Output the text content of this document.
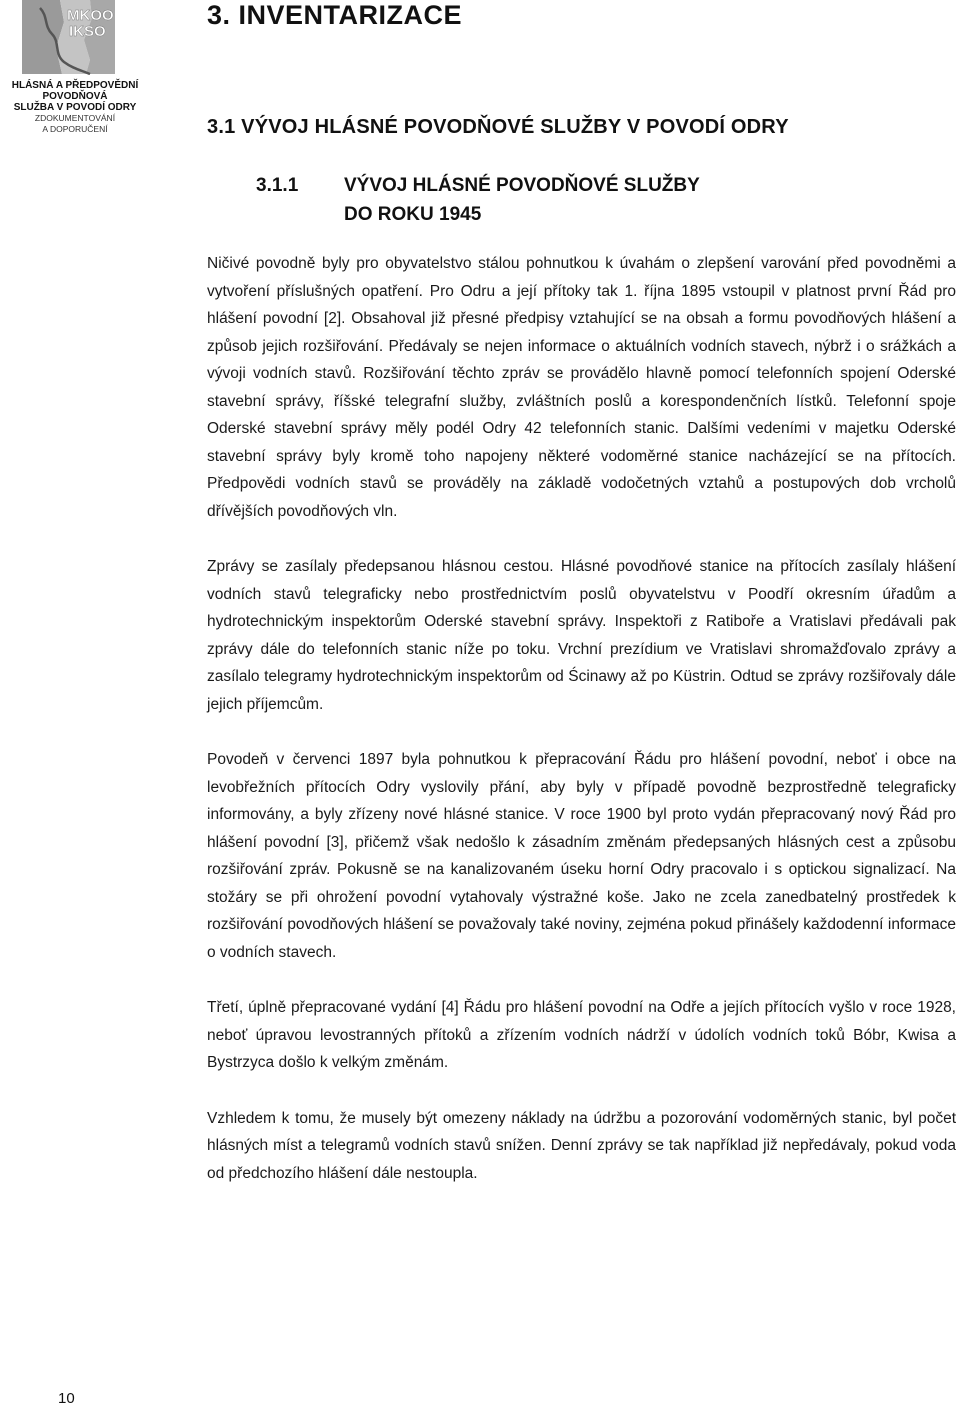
MKOO
IKSO
HLÁSNÁ A PŘEDPOVĚDNÍ
POVODŇOVÁ
SLUŽBA V POVODÍ ODRY
ZDOKUMENTOVÁNÍ
A DOPORUČENÍ
3. INVENTARIZACE
3.1 VÝVOJ HLÁSNÉ POVODŇOVÉ SLUŽBY V POVODÍ ODRY
3.1.1 VÝVOJ HLÁSNÉ POVODŇOVÉ SLUŽBY
DO ROKU 1945

Ničivé povodně byly pro obyvatelstvo stálou pohnutkou k úvahám o zlepšení varování před povodněmi a vytvoření příslušných opatření. Pro Odru a její přítoky tak 1. října 1895 vstoupil v platnost první Řád pro hlášení povodní [2]. Obsahoval již přesné předpisy vztahující se na obsah a formu povodňových hlášení a způsob jejich rozšiřování. Předávaly se nejen informace o aktuálních vodních stavech, nýbrž i o srážkách a vývoji vodních stavů. Rozšiřování těchto zpráv se provádělo hlavně pomocí telefonních spojení Oderské stavební správy, říšské telegrafní služby, zvláštních poslů a korespondenčních lístků. Telefonní spoje Oderské stavební správy měly podél Odry 42 telefonních stanic. Dalšími vedeními v majetku Oderské stavební správy byly kromě toho napojeny některé vodoměrné stanice nacházející se na přítocích. Předpovědi vodních stavů se prováděly na základě vodočetných vztahů a postupových dob vrcholů dřívějších povodňových vln.

Zprávy se zasílaly předepsanou hlásnou cestou. Hlásné povodňové stanice na přítocích zasílaly hlášení vodních stavů telegraficky nebo prostřednictvím poslů obyvatelstvu v Poodří okresním úřadům a hydrotechnickým inspektorům Oderské stavební správy. Inspektoři z Ratiboře a Vratislavi předávali pak zprávy dále do telefonních stanic níže po toku. Vrchní prezídium ve Vratislavi shromažďovalo zprávy a zasílalo telegramy hydrotechnickým inspektorům od Ścinawy až po Küstrin. Odtud se zprávy rozšiřovaly dále jejich příjemcům.

Povodeň v červenci 1897 byla pohnutkou k přepracování Řádu pro hlášení povodní, neboť i obce na levobřežních přítocích Odry vyslovily přání, aby byly v případě povodně bezprostředně telegraficky informovány, a byly zřízeny nové hlásné stanice. V roce 1900 byl proto vydán přepracovaný nový Řád pro hlášení povodní [3], přičemž však nedošlo k zásadním změnám předepsaných hlásných cest a způsobu rozšiřování zpráv. Pokusně se na kanalizovaném úseku horní Odry pracovalo i s optickou signalizací. Na stožáry se při ohrožení povodní vytahovaly výstražné koše. Jako ne zcela zanedbatelný prostředek k rozšiřování povodňových hlášení se považovaly také noviny, zejména pokud přinášely každodenní informace o vodních stavech.

Třetí, úplně přepracované vydání [4] Řádu pro hlášení povodní na Odře a jejích přítocích vyšlo v roce 1928, neboť úpravou levostranných přítoků a zřízením vodních nádrží v údolích vodních toků Bóbr, Kwisa a Bystrzyca došlo k velkým změnám.

Vzhledem k tomu, že musely být omezeny náklady na údržbu a pozorování vodoměrných stanic, byl počet hlásných míst a telegramů vodních stavů snížen. Denní zprávy se tak například již nepředávaly, pokud voda od předchozího hlášení dále nestoupla.

10
